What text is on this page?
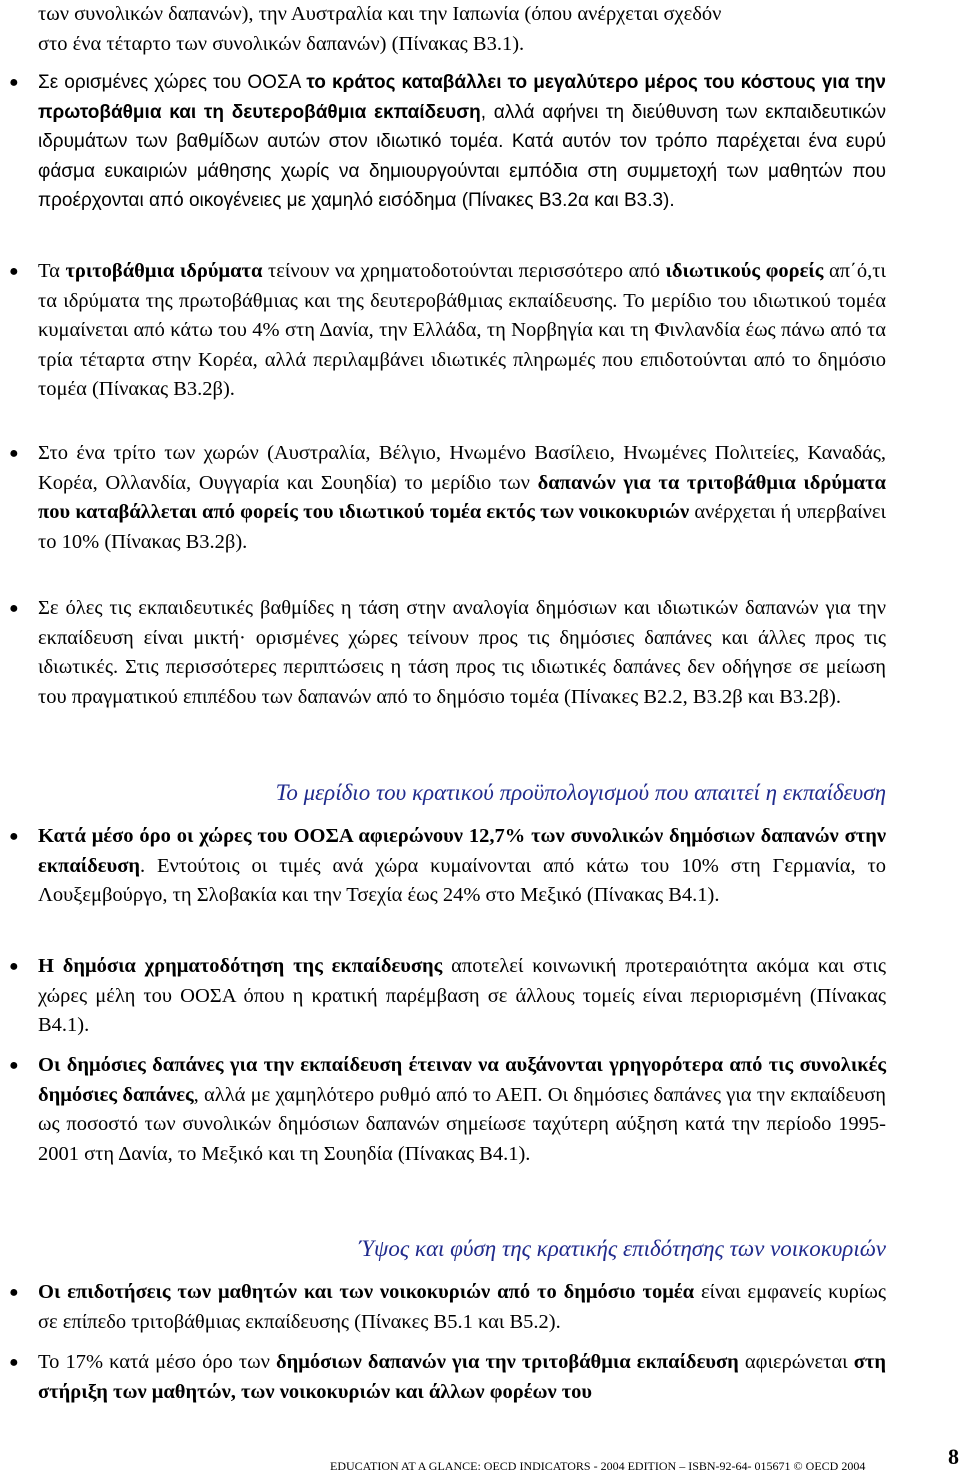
των συνολικών δαπανών), την Αυστραλία και την Ιαπωνία (όπου ανέρχεται σχεδόν
στο ένα τέταρτο των συνολικών δαπανών) (Πίνακας Β3.1).

● Σε ορισμένες χώρες του ΟΟΣΑ το κράτος καταβάλλει το μεγαλύτερο μέρος του κόστους για την πρωτοβάθμια και τη δευτεροβάθμια εκπαίδευση, αλλά αφήνει τη διεύθυνση των εκπαιδευτικών ιδρυμάτων των βαθμίδων αυτών στον ιδιωτικό τομέα. Κατά αυτόν τον τρόπο παρέχεται ένα ευρύ φάσμα ευκαιριών μάθησης χωρίς να δημιουργούνται εμπόδια στη συμμετοχή των μαθητών που προέρχονται από οικογένειες με χαμηλό εισόδημα (Πίνακες Β3.2α και Β3.3).

● Τα τριτοβάθμια ιδρύματα τείνουν να χρηματοδοτούνται περισσότερο από ιδιωτικούς φορείς απ΄ό,τι τα ιδρύματα της πρωτοβάθμιας και της δευτεροβάθμιας εκπαίδευσης. Το μερίδιο του ιδιωτικού τομέα κυμαίνεται από κάτω του 4% στη Δανία, την Ελλάδα, τη Νορβηγία και τη Φινλανδία έως πάνω από τα τρία τέταρτα στην Κορέα, αλλά περιλαμβάνει ιδιωτικές πληρωμές που επιδοτούνται από το δημόσιο τομέα (Πίνακας Β3.2β).

● Στο ένα τρίτο των χωρών (Αυστραλία, Βέλγιο, Ηνωμένο Βασίλειο, Ηνωμένες Πολιτείες, Καναδάς, Κορέα, Ολλανδία, Ουγγαρία και Σουηδία) το μερίδιο των δαπανών για τα τριτοβάθμια ιδρύματα που καταβάλλεται από φορείς του ιδιωτικού τομέα εκτός των νοικοκυριών ανέρχεται ή υπερβαίνει το 10% (Πίνακας Β3.2β).

● Σε όλες τις εκπαιδευτικές βαθμίδες η τάση στην αναλογία δημόσιων και ιδιωτικών δαπανών για την εκπαίδευση είναι μικτή· ορισμένες χώρες τείνουν προς τις δημόσιες δαπάνες και άλλες προς τις ιδιωτικές. Στις περισσότερες περιπτώσεις η τάση προς τις ιδιωτικές δαπάνες δεν οδήγησε σε μείωση του πραγματικού επιπέδου των δαπανών από το δημόσιο τομέα (Πίνακες Β2.2, Β3.2β και Β3.2β).

Το μερίδιο του κρατικού προϋπολογισμού που απαιτεί η εκπαίδευση

● Κατά μέσο όρο οι χώρες του ΟΟΣΑ αφιερώνουν 12,7% των συνολικών δημόσιων δαπανών στην εκπαίδευση. Εντούτοις οι τιμές ανά χώρα κυμαίνονται από κάτω του 10% στη Γερμανία, το Λουξεμβούργο, τη Σλοβακία και την Τσεχία έως 24% στο Μεξικό (Πίνακας Β4.1).

● Η δημόσια χρηματοδότηση της εκπαίδευσης αποτελεί κοινωνική προτεραιότητα ακόμα και στις χώρες μέλη του ΟΟΣΑ όπου η κρατική παρέμβαση σε άλλους τομείς είναι περιορισμένη (Πίνακας Β4.1).

● Οι δημόσιες δαπάνες για την εκπαίδευση έτειναν να αυξάνονται γρηγορότερα από τις συνολικές δημόσιες δαπάνες, αλλά με χαμηλότερο ρυθμό από το ΑΕΠ. Οι δημόσιες δαπάνες για την εκπαίδευση ως ποσοστό των συνολικών δημόσιων δαπανών σημείωσε ταχύτερη αύξηση κατά την περίοδο 1995-2001 στη Δανία, το Μεξικό και τη Σουηδία (Πίνακας Β4.1).

Ύψος και φύση της κρατικής επιδότησης των νοικοκυριών

● Οι επιδοτήσεις των μαθητών και των νοικοκυριών από το δημόσιο τομέα είναι εμφανείς κυρίως σε επίπεδο τριτοβάθμιας εκπαίδευσης (Πίνακες Β5.1 και Β5.2).

● Το 17% κατά μέσο όρο των δημόσιων δαπανών για την τριτοβάθμια εκπαίδευση αφιερώνεται στη στήριξη των μαθητών, των νοικοκυριών και άλλων φορέων του

EDUCATION AT A GLANCE: OECD INDICATORS - 2004 EDITION – ISBN-92-64- 015671 © OECD 2004	8
